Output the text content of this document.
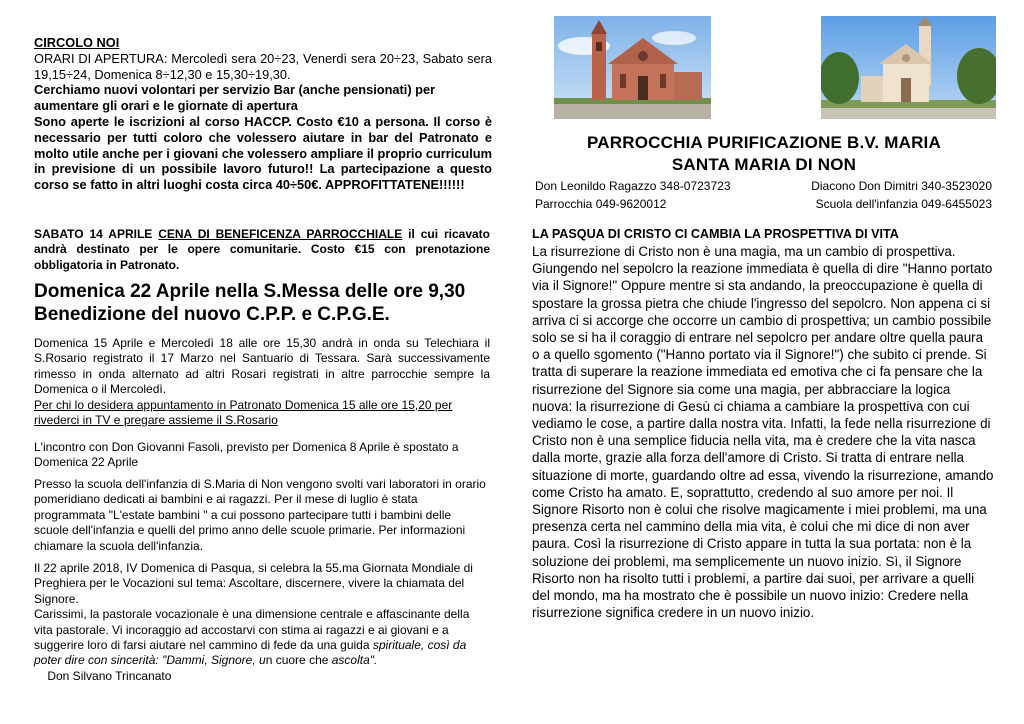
CIRCOLO NOI

ORARI DI APERTURA: Mercoledì sera 20÷23, Venerdì sera 20÷23, Sabato sera 19,15÷24, Domenica 8÷12,30 e 15,30÷19,30.

Cerchiamo nuovi volontari per servizio Bar (anche pensionati) per aumentare gli orari e le giornate di apertura

Sono aperte le iscrizioni al corso HACCP. Costo €10 a persona. Il corso è necessario per tutti coloro che volessero aiutare in bar del Patronato e molto utile anche per i giovani che volessero ampliare il proprio curriculum in previsione di un possibile lavoro futuro!! La partecipazione a questo corso se fatto in altri luoghi costa circa 40÷50€. APPROFITTATENE!!!!!!

SABATO 14 APRILE CENA DI BENEFICENZA PARROCCHIALE il cui ricavato andrà destinato per le opere comunitarie. Costo €15 con prenotazione obbligatoria in Patronato.

Domenica 22 Aprile nella S.Messa delle ore 9,30 Benedizione del nuovo C.P.P. e C.P.G.E.

Domenica 15 Aprile e Mercoledì 18 alle ore 15,30 andrà in onda su Telechiara il S.Rosario registrato il 17 Marzo nel Santuario di Tessara. Sarà successivamente rimesso in onda alternato ad altri Rosari registrati in altre parrocchie sempre la Domenica o il Mercoledì.

Per chi lo desidera appuntamento in Patronato Domenica 15 alle ore 15,20 per rivederci in TV e pregare assieme il S.Rosario

L'incontro con Don Giovanni Fasoli, previsto per Domenica 8 Aprile è spostato a Domenica 22 Aprile

Presso la scuola dell'infanzia di S.Maria di Non vengono svolti vari laboratori in orario pomeridiano dedicati ai bambini e ai ragazzi. Per il mese di luglio è stata programmata "L'estate bambini " a cui possono partecipare tutti i bambini delle scuole dell'infanzia e quelli del primo anno delle scuole primarie. Per informazioni chiamare la scuola dell'infanzia.

Il 22 aprile 2018, IV Domenica di Pasqua, si celebra la 55.ma Giornata Mondiale di Preghiera per le Vocazioni sul tema: Ascoltare, discernere, vivere la chiamata del Signore.

Carissimi, la pastorale vocazionale è una dimensione centrale e affascinante della vita pastorale. Vi incoraggio ad accostarvi con stima ai ragazzi e ai giovani e a suggerire loro di farsi aiutare nel cammino di fede da una guida spirituale, così da poter dire con sincerità: "Dammi, Signore, un cuore che ascolta".    Don Silvano Trincanato

PARROCCHIA PURIFICAZIONE B.V. MARIA

SANTA MARIA DI NON

Don Leonildo Ragazzo 348-0723723	Diacono Don Dimitri 340-3523020
Parrocchia 049-9620012	Scuola dell'infanzia 049-6455023

LA PASQUA DI CRISTO CI CAMBIA LA PROSPETTIVA DI VITA

La risurrezione di Cristo non è una magia, ma un cambio di prospettiva. Giungendo nel sepolcro la reazione immediata è quella di dire "Hanno portato via il Signore!" Oppure mentre si sta andando, la preoccupazione è quella di spostare la grossa pietra che chiude l'ingresso del sepolcro. Non appena ci si arriva ci si accorge che occorre un cambio di prospettiva; un cambio possibile solo se si ha il coraggio di entrare nel sepolcro per andare oltre quella paura o a quello sgomento ("Hanno portato via il Signore!") che subito ci prende. Si tratta di superare la reazione immediata ed emotiva che ci fa pensare che la risurrezione del Signore sia come una magia, per abbracciare la logica nuova: la risurrezione di Gesù ci chiama a cambiare la prospettiva con cui vediamo le cose, a partire dalla nostra vita. Infatti, la fede nella risurrezione di Cristo non è una semplice fiducia nella vita, ma è credere che la vita nasca dalla morte, grazie alla forza dell'amore di Cristo. Si tratta di entrare nella situazione di morte, guardando oltre ad essa, vivendo la risurrezione, amando come Cristo ha amato. E, soprattutto, credendo al suo amore per noi. Il Signore Risorto non è colui che risolve magicamente i miei problemi, ma una presenza certa nel cammino della mia vita, è colui che mi dice di non aver paura. Così la risurrezione di Cristo appare in tutta la sua portata: non è la soluzione dei problemi, ma semplicemente un nuovo inizio. Sì, il Signore Risorto non ha risolto tutti i problemi, a partire dai suoi, per arrivare a quelli del mondo, ma ha mostrato che è possibile un nuovo inizio: Credere nella risurrezione significa credere in un nuovo inizio.
